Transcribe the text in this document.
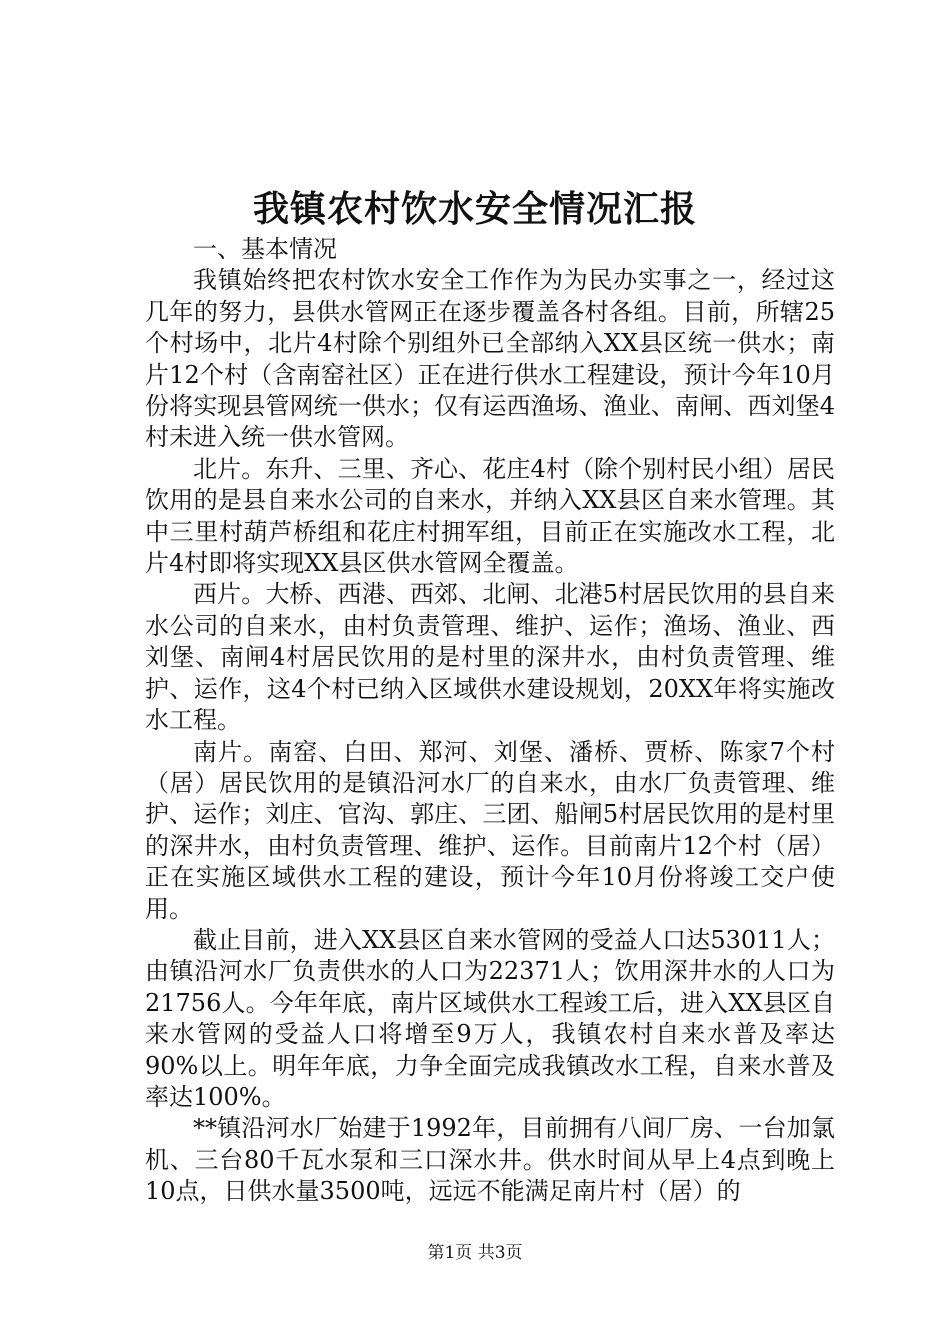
我镇农村饮水安全情况汇报

一、基本情况

我镇始终把农村饮水安全工作作为为民办实事之一，经过这几年的努力，县供水管网正在逐步覆盖各村各组。目前，所辖25个村场中，北片4村除个别组外已全部纳入XX县区统一供水；南片12个村（含南窑社区）正在进行供水工程建设，预计今年10月份将实现县管网统一供水；仅有运西渔场、渔业、南闸、西刘堡4村未进入统一供水管网。

北片。东升、三里、齐心、花庄4村（除个别村民小组）居民饮用的是县自来水公司的自来水，并纳入XX县区自来水管理。其中三里村葫芦桥组和花庄村拥军组，目前正在实施改水工程，北片4村即将实现XX县区供水管网全覆盖。

西片。大桥、西港、西郊、北闸、北港5村居民饮用的县自来水公司的自来水，由村负责管理、维护、运作；渔场、渔业、西刘堡、南闸4村居民饮用的是村里的深井水，由村负责管理、维护、运作，这4个村已纳入区域供水建设规划，20XX年将实施改水工程。

南片。南窑、白田、郑河、刘堡、潘桥、贾桥、陈家7个村（居）居民饮用的是镇沿河水厂的自来水，由水厂负责管理、维护、运作；刘庄、官沟、郭庄、三团、船闸5村居民饮用的是村里的深井水，由村负责管理、维护、运作。目前南片12个村（居）正在实施区域供水工程的建设，预计今年10月份将竣工交户使用。

截止目前，进入XX县区自来水管网的受益人口达53011人；由镇沿河水厂负责供水的人口为22371人；饮用深井水的人口为21756人。今年年底，南片区域供水工程竣工后，进入XX县区自来水管网的受益人口将增至9万人，我镇农村自来水普及率达90%以上。明年年底，力争全面完成我镇改水工程，自来水普及率达100%。

**镇沿河水厂始建于1992年，目前拥有八间厂房、一台加氯机、三台80千瓦水泵和三口深水井。供水时间从早上4点到晚上10点，日供水量3500吨，远远不能满足南片村（居）的

第1页 共3页
